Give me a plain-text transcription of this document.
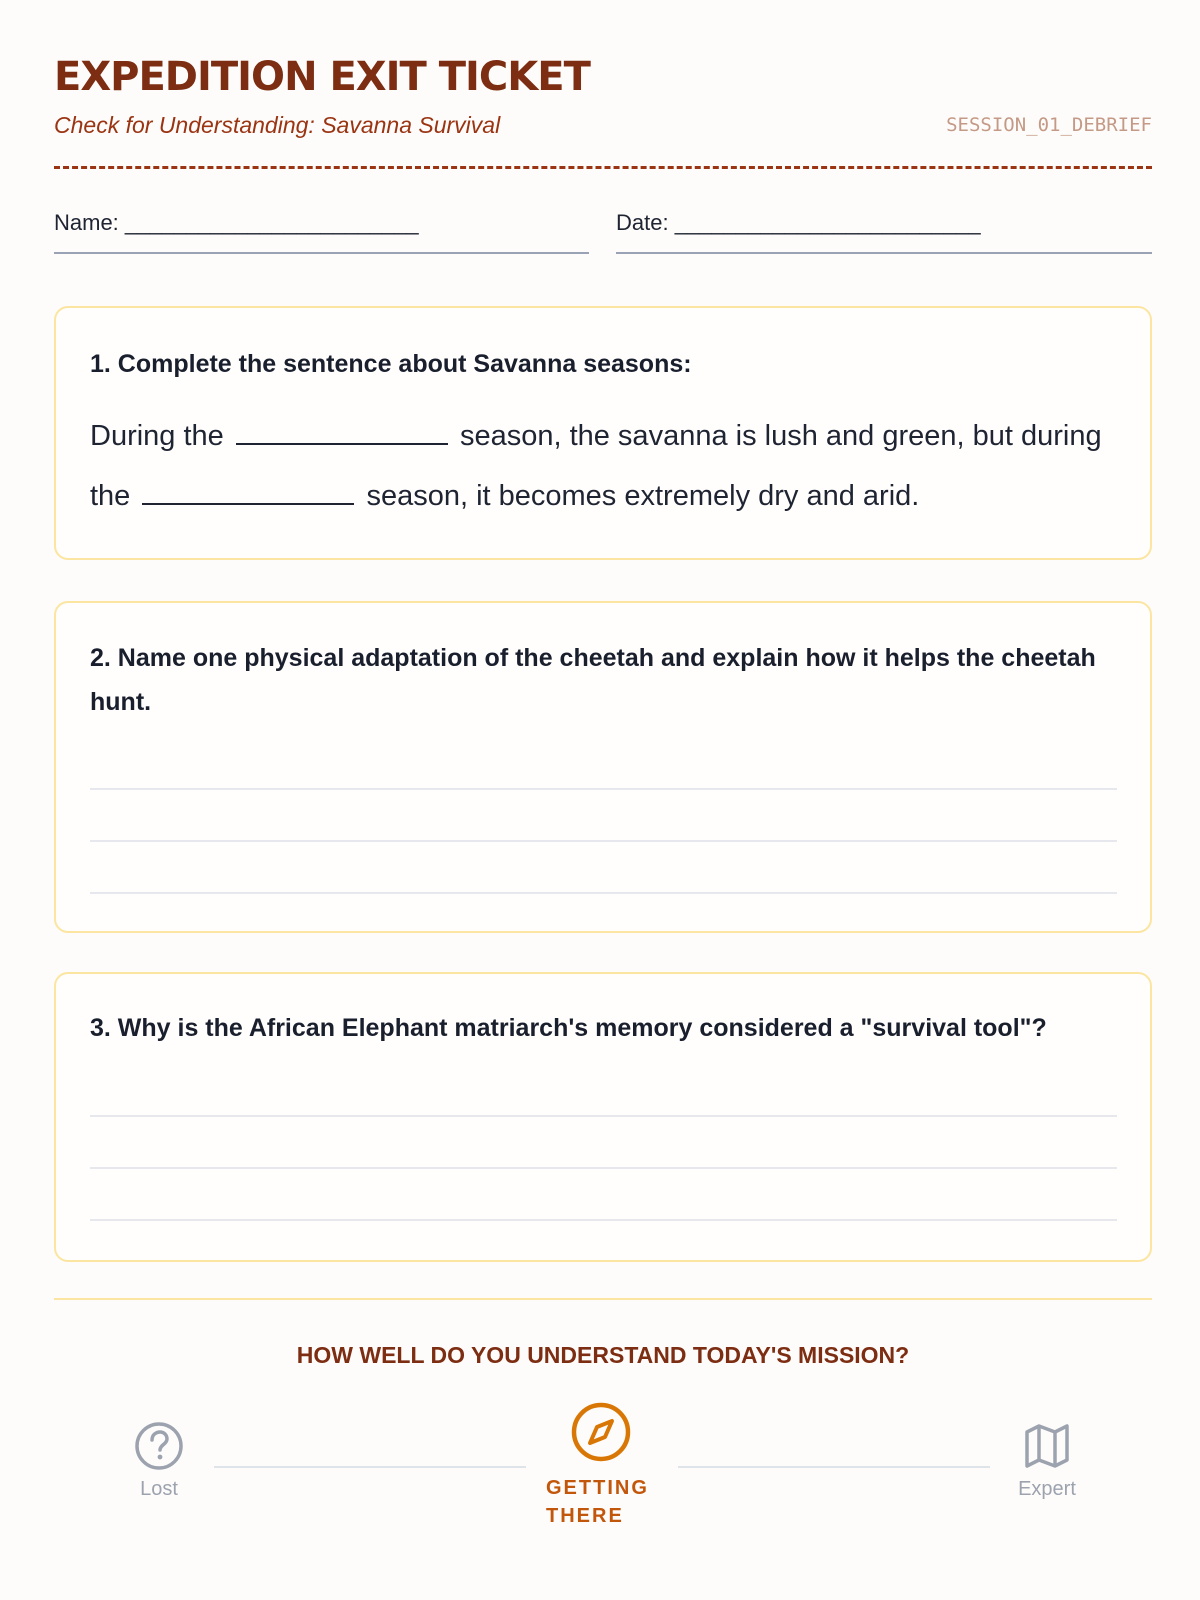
EXPEDITION EXIT TICKET
Check for Understanding: Savanna Survival	SESSION_01_DEBRIEF
Name: ________________________	Date: _________________________
1. Complete the sentence about Savanna seasons:
During the	season, the savanna is lush and green, but during the	season, it becomes extremely dry and arid.
2. Name one physical adaptation of the cheetah and explain how it helps the cheetah hunt.
3. Why is the African Elephant matriarch's memory considered a "survival tool"?
HOW WELL DO YOU UNDERSTAND TODAY'S MISSION?
Lost	GETTING THERE
Expert
